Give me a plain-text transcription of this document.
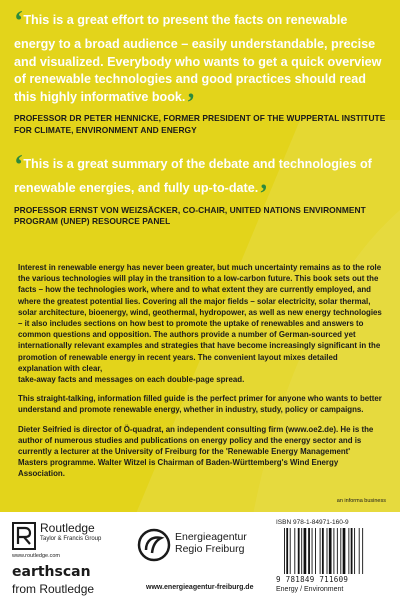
‘This is a great effort to present the facts on renewable energy to a broad audience – easily understandable, precise and visualized. Everybody who wants to get a quick overview of renewable technologies and good practices should read this highly informative book.’
PROFESSOR DR PETER HENNICKE, FORMER PRESIDENT OF THE WUPPERTAL INSTITUTE FOR CLIMATE, ENVIRONMENT AND ENERGY
‘This is a great summary of the debate and technologies of renewable energies, and fully up-to-date.’
PROFESSOR ERNST VON WEIZSÄCKER, CO-CHAIR, UNITED NATIONS ENVIRONMENT PROGRAM (UNEP) RESOURCE PANEL

Interest in renewable energy has never been greater, but much uncertainty remains as to the role the various technologies will play in the transition to a low-carbon future. This book sets out the facts – how the technologies work, where and to what extent they are currently employed, and where the greatest potential lies. Covering all the major fields – solar electricity, solar thermal, solar architecture, bioenergy, wind, geothermal, hydropower, as well as new energy technologies – it also includes sections on how best to promote the uptake of renewables and answers to common questions and opposition. The authors provide a number of German-sourced yet internationally relevant examples and strategies that have become increasingly significant in the promotion of renewable energy in recent years. The convenient layout mixes detailed explanation with clear,
take-away facts and messages on each double-page spread.

This straight-talking, information filled guide is the perfect primer for anyone who wants to better understand and promote renewable energy, whether in industry, study, policy or campaigns.

Dieter Seifried is director of Ö-quadrat, an independent consulting firm (www.oe2.de). He is the author of numerous studies and publications on energy policy and the energy sector and is currently a lecturer at the University of Freiburg for the 'Renewable Energy Management' Masters programme. Walter Witzel is Chairman of Baden-Württemberg's Wind Energy Association.

an informa business
Routledge
Taylor & Francis Group
www.routledge.com
earthscan
from Routledge
Energieagentur
Regio Freiburg
www.energieagentur-freiburg.de
ISBN 978-1-84971-160-9
9 781849 711609
Energy / Environment
